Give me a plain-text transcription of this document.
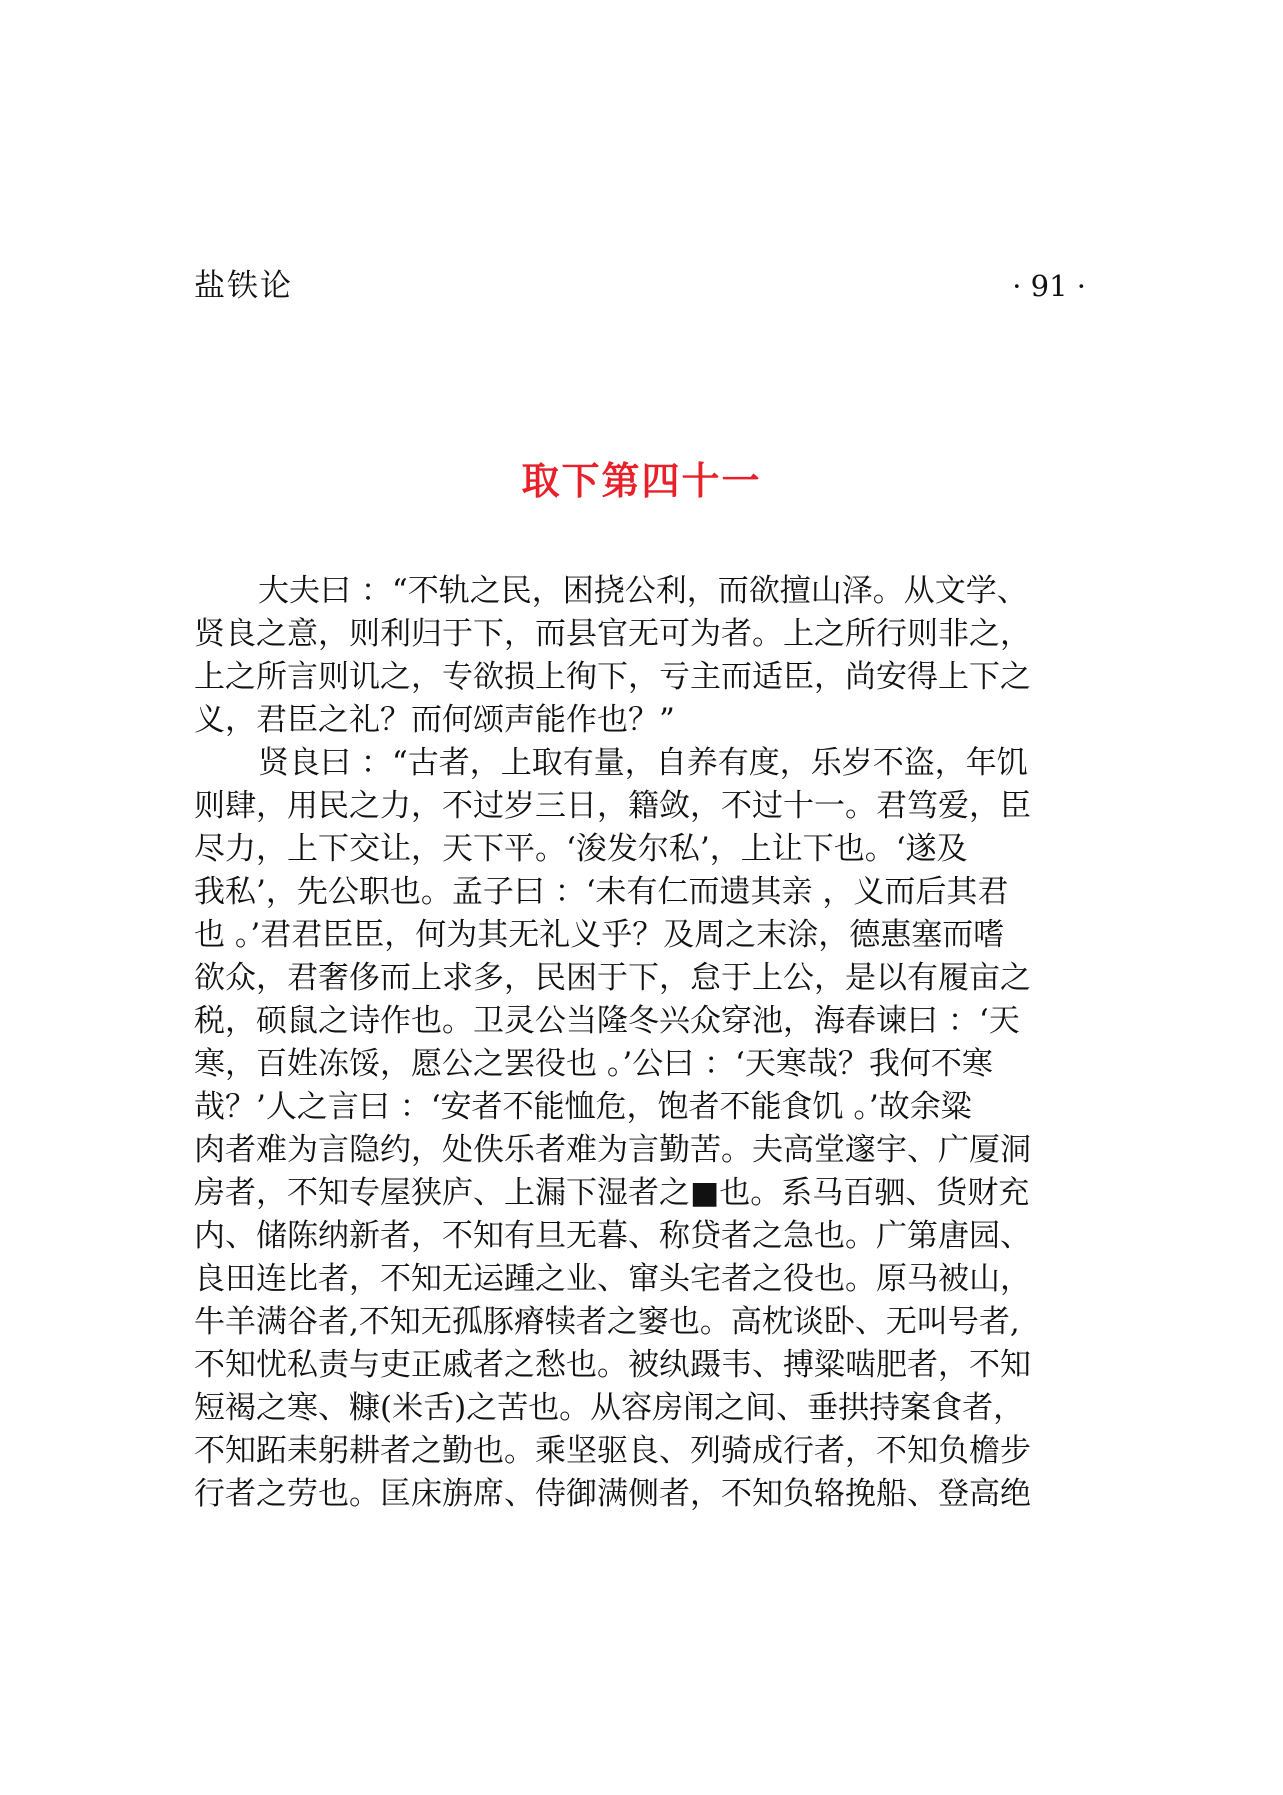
盐铁论	· 91 ·
取下第四十一
大夫曰 ：“不轨之民，困挠公利，而欲擅山泽。从文学、
贤良之意，则利归于下，而县官无可为者。上之所行则非之，
上之所言则讥之，专欲损上徇下，亏主而适臣，尚安得上下之
义，君臣之礼？而何颂声能作也？”
贤良曰 ：“古者，上取有量，自养有度，乐岁不盗，年饥
则肆，用民之力，不过岁三日，籍敛，不过十一。君笃爱，臣
尽力，上下交让，天下平。‘浚发尔私’，上让下也。‘遂及
我私’，先公职也。孟子曰 ：‘未有仁而遗其亲 ，义而后其君
也 。’君君臣臣，何为其无礼义乎？及周之末涂，德惠塞而嗜
欲众，君奢侈而上求多，民困于下，怠于上公，是以有履亩之
税，硕鼠之诗作也。卫灵公当隆冬兴众穿池，海春谏曰 ：‘天
寒，百姓冻馁，愿公之罢役也 。’公曰 ：‘天寒哉？我何不寒
哉？’人之言曰 ：‘安者不能恤危，饱者不能食饥 。’故余粱
肉者难为言隐约，处佚乐者难为言勤苦。夫高堂邃宇、广厦洞
房者，不知专屋狭庐、上漏下湿者之■也。系马百驷、货财充
内、储陈纳新者，不知有旦无暮、称贷者之急也。广第唐园、
良田连比者，不知无运踵之业、窜头宅者之役也。原马被山，
牛羊满谷者,不知无孤豚瘠犊者之窭也。高枕谈卧、无叫号者,
不知忧私责与吏正戚者之愁也。被纨蹑韦、搏粱啮肥者，不知
短褐之寒、糠(米舌)之苦也。从容房闱之间、垂拱持案食者，
不知跖耒躬耕者之勤也。乘坚驱良、列骑成行者，不知负檐步
行者之劳也。匡床旃席、侍御满侧者，不知负辂挽船、登高绝
